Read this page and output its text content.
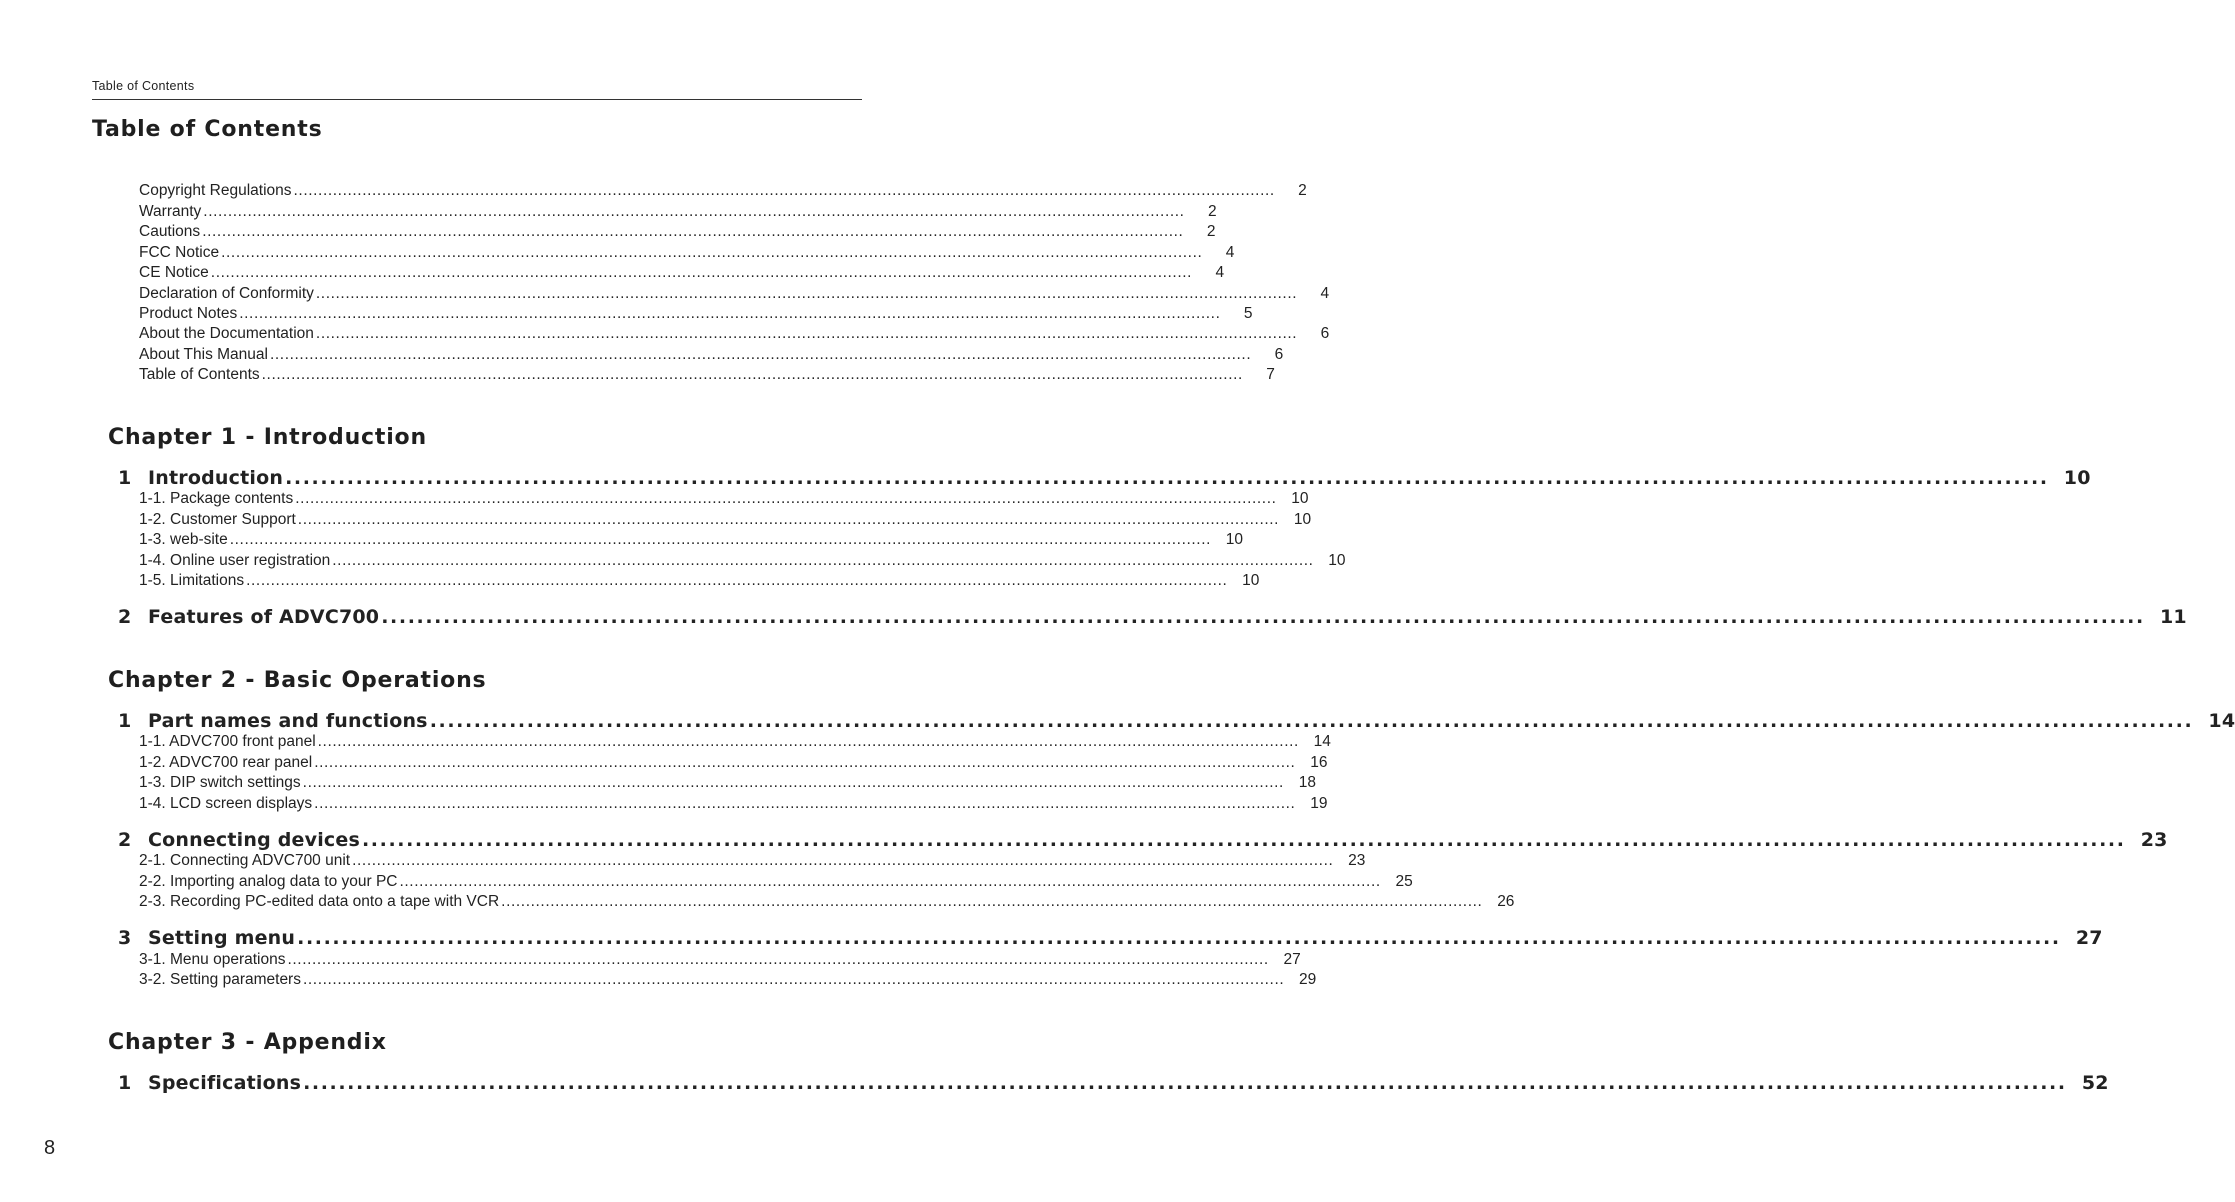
Table of Contents
Table of Contents
Copyright Regulations ........................................................................................................................................................................................................	2
Warranty ........................................................................................................................................................................................................	2
Cautions ........................................................................................................................................................................................................	2
FCC Notice ........................................................................................................................................................................................................	4
CE Notice ........................................................................................................................................................................................................	4
Declaration of Conformity ........................................................................................................................................................................................................	4
Product Notes ........................................................................................................................................................................................................	5
About the Documentation ........................................................................................................................................................................................................	6
About This Manual ........................................................................................................................................................................................................	6
Table of Contents ........................................................................................................................................................................................................	7
Chapter 1 - Introduction
1 Introduction ........................................................................................................................................................................................................ 10
1-1. Package contents ........................................................................................................................................................................................................ 10
1-2. Customer Support ........................................................................................................................................................................................................ 10
1-3. web-site ........................................................................................................................................................................................................ 10
1-4. Online user registration ........................................................................................................................................................................................................ 10
1-5. Limitations ........................................................................................................................................................................................................ 10
2 Features of ADVC700 ........................................................................................................................................................................................................ 11
Chapter 2 - Basic Operations
1 Part names and functions ........................................................................................................................................................................................................ 14
1-1. ADVC700 front panel ........................................................................................................................................................................................................ 14
1-2. ADVC700 rear panel ........................................................................................................................................................................................................ 16
1-3. DIP switch settings ........................................................................................................................................................................................................ 18
1-4. LCD screen displays ........................................................................................................................................................................................................ 19
2 Connecting devices ........................................................................................................................................................................................................ 23
2-1. Connecting ADVC700 unit ........................................................................................................................................................................................................ 23
2-2. Importing analog data to your PC ........................................................................................................................................................................................................ 25
2-3. Recording PC-edited data onto a tape with VCR ........................................................................................................................................................................................................ 26
3 Setting menu ........................................................................................................................................................................................................ 27
3-1. Menu operations ........................................................................................................................................................................................................ 27
3-2. Setting parameters ........................................................................................................................................................................................................ 29
Chapter 3 - Appendix
1 Specifications ........................................................................................................................................................................................................ 52
8
